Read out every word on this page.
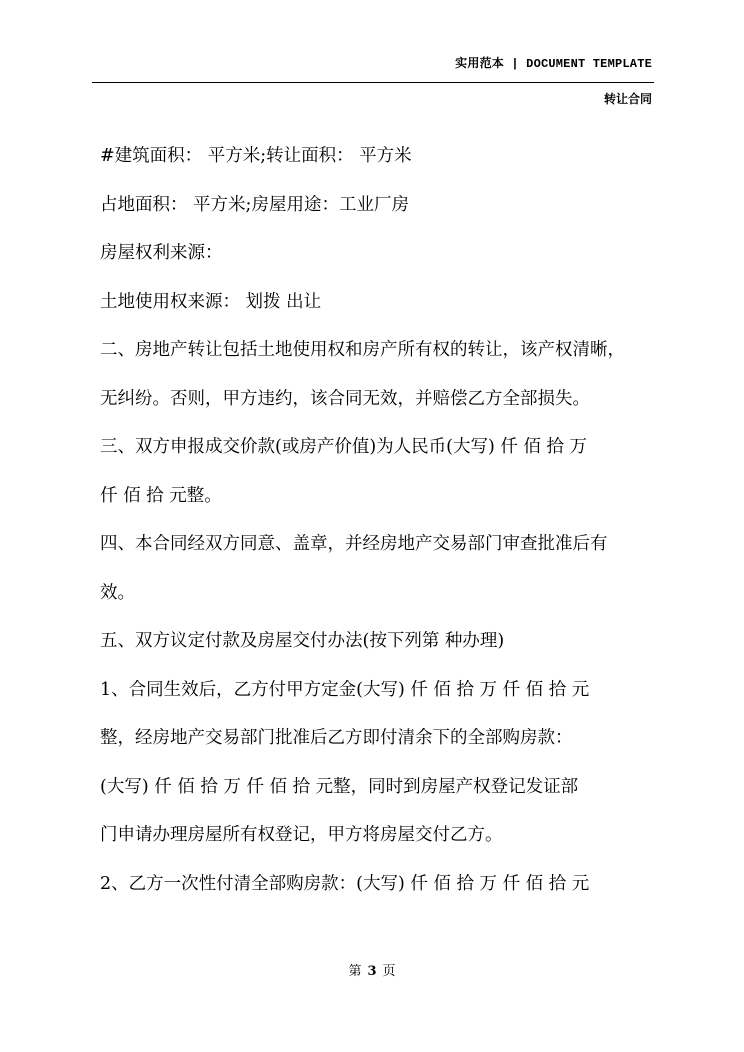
实用范本 | DOCUMENT TEMPLATE
转让合同
#建筑面积： 平方米;转让面积： 平方米
占地面积： 平方米;房屋用途：工业厂房
房屋权利来源：
土地使用权来源： 划拨 出让
二、房地产转让包括土地使用权和房产所有权的转让，该产权清晰，
无纠纷。否则，甲方违约，该合同无效，并赔偿乙方全部损失。
三、双方申报成交价款(或房产价值)为人民币(大写) 仟 佰 拾 万
仟 佰 拾 元整。
四、本合同经双方同意、盖章，并经房地产交易部门审查批准后有
效。
五、双方议定付款及房屋交付办法(按下列第 种办理)
1、合同生效后，乙方付甲方定金(大写) 仟 佰 拾 万 仟 佰 拾 元
整，经房地产交易部门批准后乙方即付清余下的全部购房款：
(大写) 仟 佰 拾 万 仟 佰 拾 元整，同时到房屋产权登记发证部
门申请办理房屋所有权登记，甲方将房屋交付乙方。
2、乙方一次性付清全部购房款：(大写) 仟 佰 拾 万 仟 佰 拾 元
第 3 页
